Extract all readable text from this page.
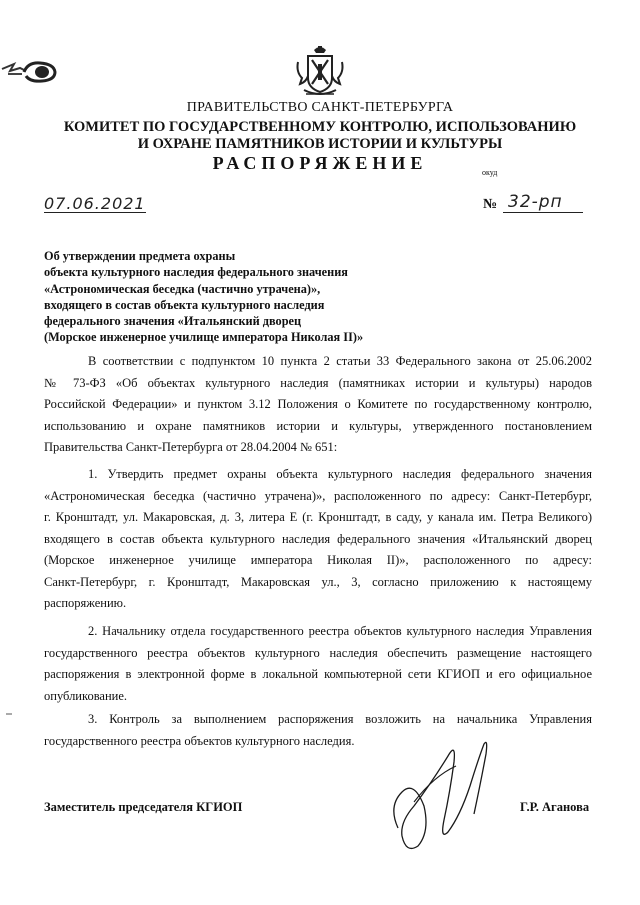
ПРАВИТЕЛЬСТВО САНКТ-ПЕТЕРБУРГА
КОМИТЕТ ПО ГОСУДАРСТВЕННОМУ КОНТРОЛЮ, ИСПОЛЬЗОВАНИЮ
И ОХРАНЕ ПАМЯТНИКОВ ИСТОРИИ И КУЛЬТУРЫ
РАСПОРЯЖЕНИЕ	окуд
07.06.2021	№ 32-рп
Об утверждении предмета охраны
объекта культурного наследия федерального значения
«Астрономическая беседка (частично утрачена)»,
входящего в состав объекта культурного наследия
федерального значения «Итальянский дворец
(Морское инженерное училище императора Николая II)»
В соответствии с подпунктом 10 пункта 2 статьи 33 Федерального закона от 25.06.2002
№ 73-ФЗ «Об объектах культурного наследия (памятниках истории и культуры) народов
Российской Федерации» и пунктом 3.12 Положения о Комитете по государственному контролю,
использованию и охране памятников истории и культуры, утвержденного постановлением
Правительства Санкт-Петербурга от 28.04.2004 № 651:
1. Утвердить предмет охраны объекта культурного наследия федерального значения
«Астрономическая беседка (частично утрачена)», расположенного по адресу: Санкт-Петербург,
г. Кронштадт, ул. Макаровская, д. 3, литера Е (г. Кронштадт, в саду, у канала им. Петра Великого)
входящего в состав объекта культурного наследия федерального значения «Итальянский дворец
(Морское инженерное училище императора Николая II)», расположенного по адресу:
Санкт-Петербург, г. Кронштадт, Макаровская ул., 3, согласно приложению к настоящему
распоряжению.
2. Начальнику отдела государственного реестра объектов культурного наследия Управления
государственного реестра объектов культурного наследия обеспечить размещение настоящего
распоряжения в электронной форме в локальной компьютерной сети КГИОП и его официальное
опубликование.
3. Контроль за выполнением распоряжения возложить на начальника Управления
государственного реестра объектов культурного наследия.
Заместитель председателя КГИОП	Г.Р. Аганова
